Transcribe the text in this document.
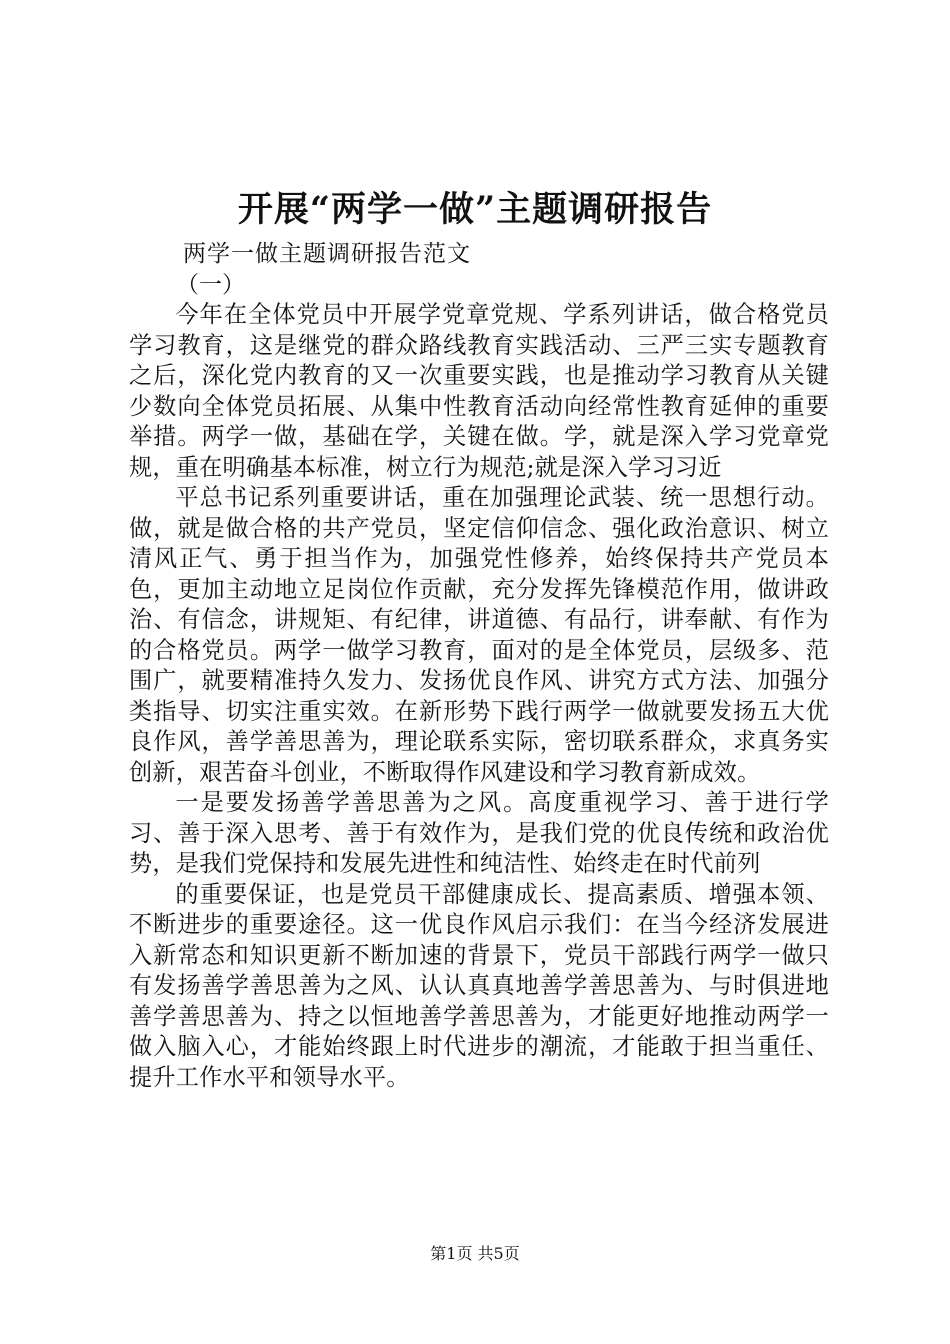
开展“两学一做”主题调研报告
两学一做主题调研报告范文
（一）

今年在全体党员中开展学党章党规、学系列讲话，做合格党员学习教育，这是继党的群众路线教育实践活动、三严三实专题教育之后，深化党内教育的又一次重要实践，也是推动学习教育从关键少数向全体党员拓展、从集中性教育活动向经常性教育延伸的重要举措。两学一做，基础在学，关键在做。学，就是深入学习党章党规，重在明确基本标准，树立行为规范;就是深入学习习近

平总书记系列重要讲话，重在加强理论武装、统一思想行动。做，就是做合格的共产党员，坚定信仰信念、强化政治意识、树立清风正气、勇于担当作为，加强党性修养，始终保持共产党员本色，更加主动地立足岗位作贡献，充分发挥先锋模范作用，做讲政治、有信念，讲规矩、有纪律，讲道德、有品行，讲奉献、有作为的合格党员。两学一做学习教育，面对的是全体党员，层级多、范围广，就要精准持久发力、发扬优良作风、讲究方式方法、加强分类指导、切实注重实效。在新形势下践行两学一做就要发扬五大优良作风，善学善思善为，理论联系实际，密切联系群众，求真务实创新，艰苦奋斗创业，不断取得作风建设和学习教育新成效。

一是要发扬善学善思善为之风。高度重视学习、善于进行学习、善于深入思考、善于有效作为，是我们党的优良传统和政治优势，是我们党保持和发展先进性和纯洁性、始终走在时代前列

的重要保证，也是党员干部健康成长、提高素质、增强本领、不断进步的重要途径。这一优良作风启示我们：在当今经济发展进入新常态和知识更新不断加速的背景下，党员干部践行两学一做只有发扬善学善思善为之风、认认真真地善学善思善为、与时俱进地善学善思善为、持之以恒地善学善思善为，才能更好地推动两学一做入脑入心，才能始终跟上时代进步的潮流，才能敢于担当重任、提升工作水平和领导水平。

第1页 共5页
